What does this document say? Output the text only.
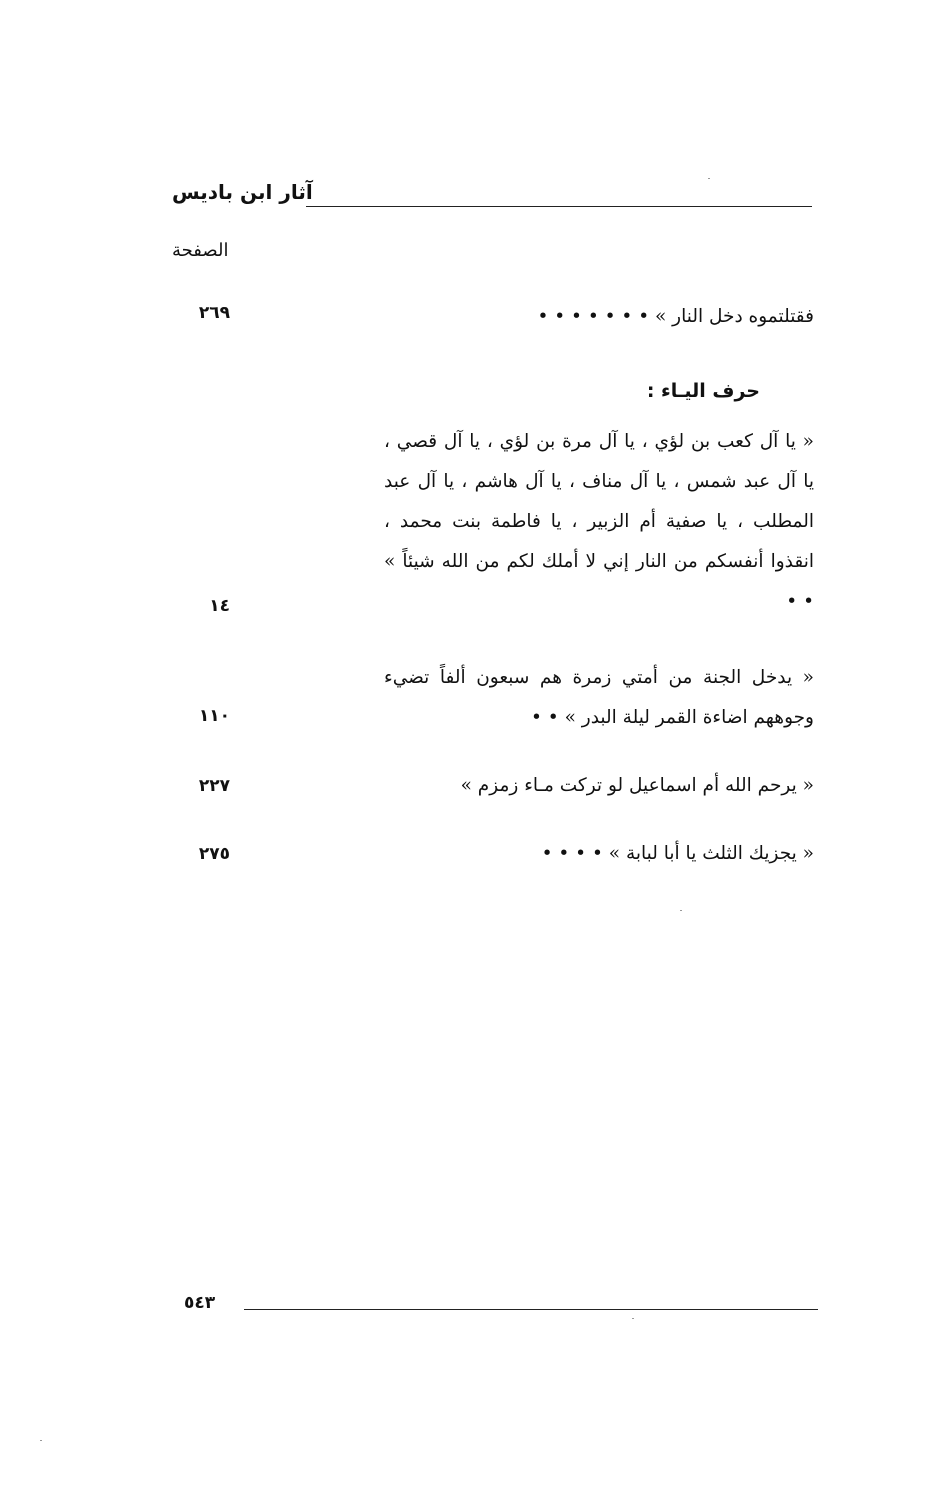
آثار ابن باديس
الصفحة
فقتلتموه دخل النار » • • • • • • •
٢٦٩
حرف اليـاء :
« يا آل كعب بن لؤي ، يا آل مرة بن لؤي ، يا آل قصي ، يا آل عبد شمس ، يا آل مناف ، يا آل هاشم ، يا آل عبد المطلب ، يا صفية أم الزبير ، يا فاطمة بنت محمد ، انقذوا أنفسكم من النار إني لا أملك لكم من الله شيئاً » • •
١٤
« يدخل الجنة من أمتي زمرة هم سبعون ألفاً تضيء وجوههم اضاءة القمر ليلة البدر » • •
١١٠
« يرحم الله أم اسماعيل لو تركت مـاء زمزم »
٢٢٧
« يجزيك الثلث يا أبا لبابة » • • • •
٢٧٥
٥٤٣
